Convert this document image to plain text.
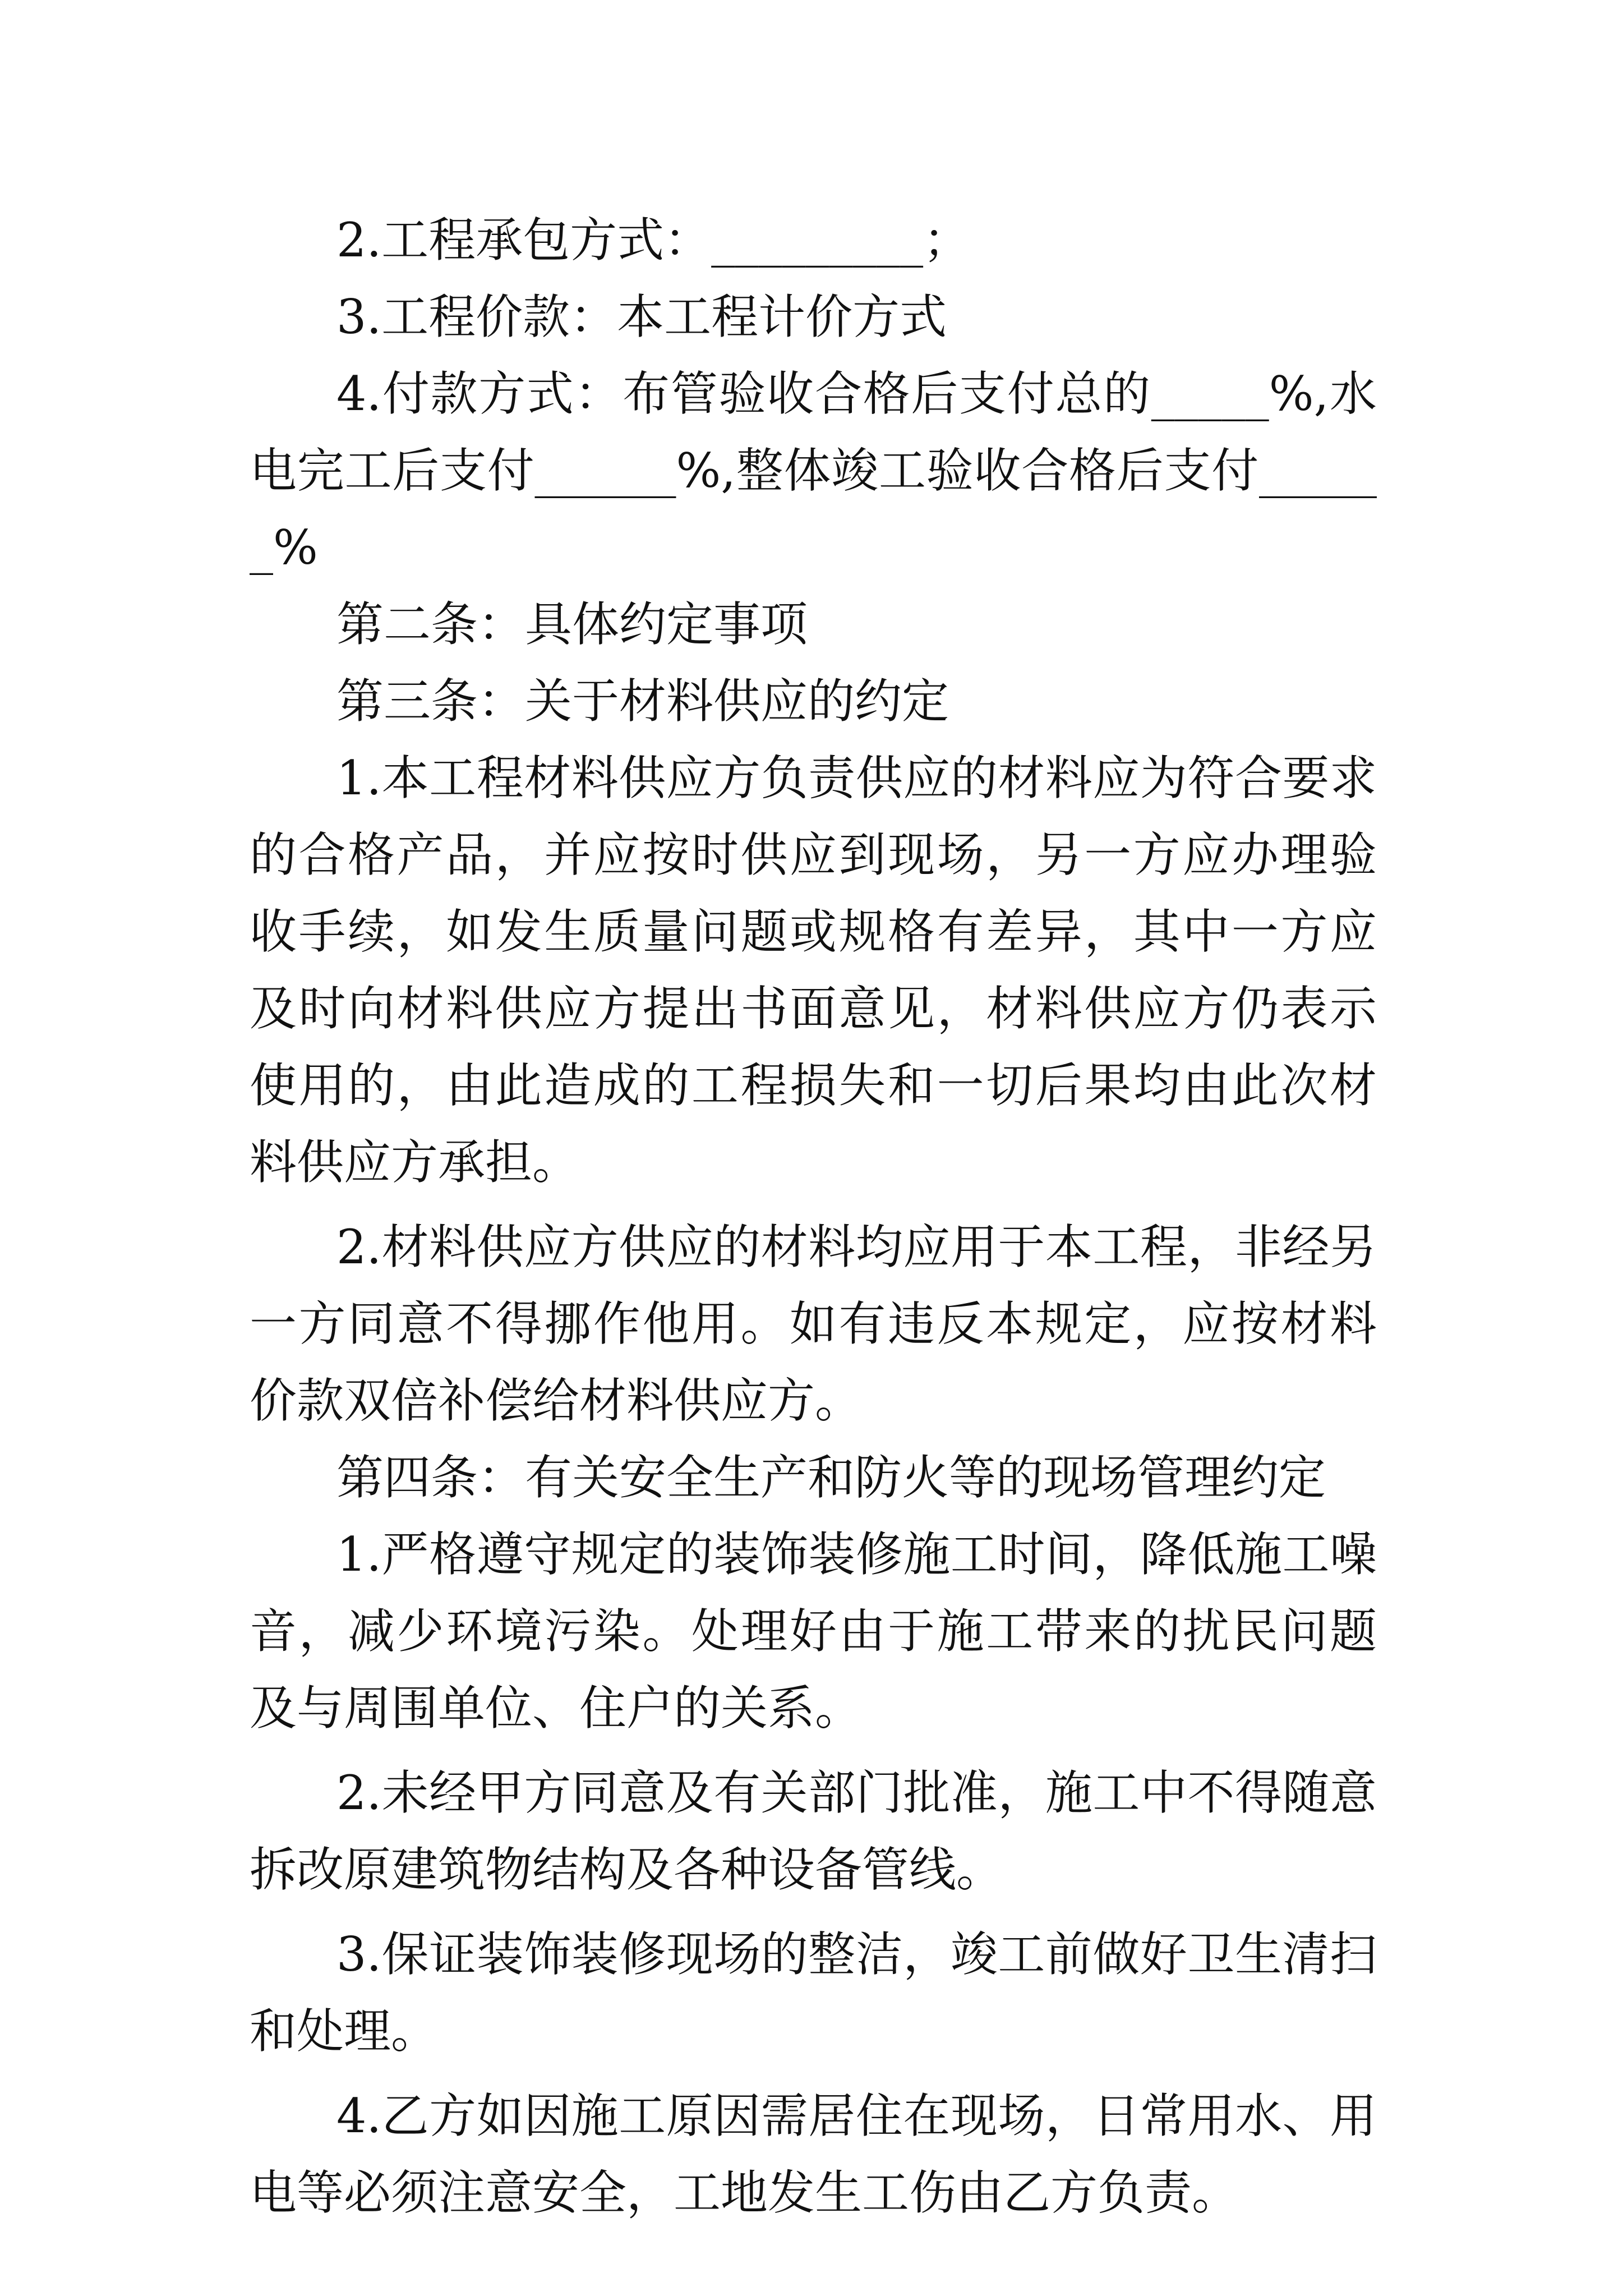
2.工程承包方式：_________；

3.工程价款：本工程计价方式

4.付款方式：布管验收合格后支付总的_____%,水电完工后支付______%,整体竣工验收合格后支付______%

第二条：具体约定事项

第三条：关于材料供应的约定

1.本工程材料供应方负责供应的材料应为符合要求的合格产品，并应按时供应到现场，另一方应办理验收手续，如发生质量问题或规格有差异，其中一方应及时向材料供应方提出书面意见，材料供应方仍表示使用的，由此造成的工程损失和一切后果均由此次材料供应方承担。

2.材料供应方供应的材料均应用于本工程，非经另一方同意不得挪作他用。如有违反本规定，应按材料价款双倍补偿给材料供应方。

第四条：有关安全生产和防火等的现场管理约定

1.严格遵守规定的装饰装修施工时间，降低施工噪音，减少环境污染。处理好由于施工带来的扰民问题及与周围单位、住户的关系。

2.未经甲方同意及有关部门批准，施工中不得随意拆改原建筑物结构及各种设备管线。

3.保证装饰装修现场的整洁，竣工前做好卫生清扫和处理。

4.乙方如因施工原因需居住在现场，日常用水、用电等必须注意安全，工地发生工伤由乙方负责。
